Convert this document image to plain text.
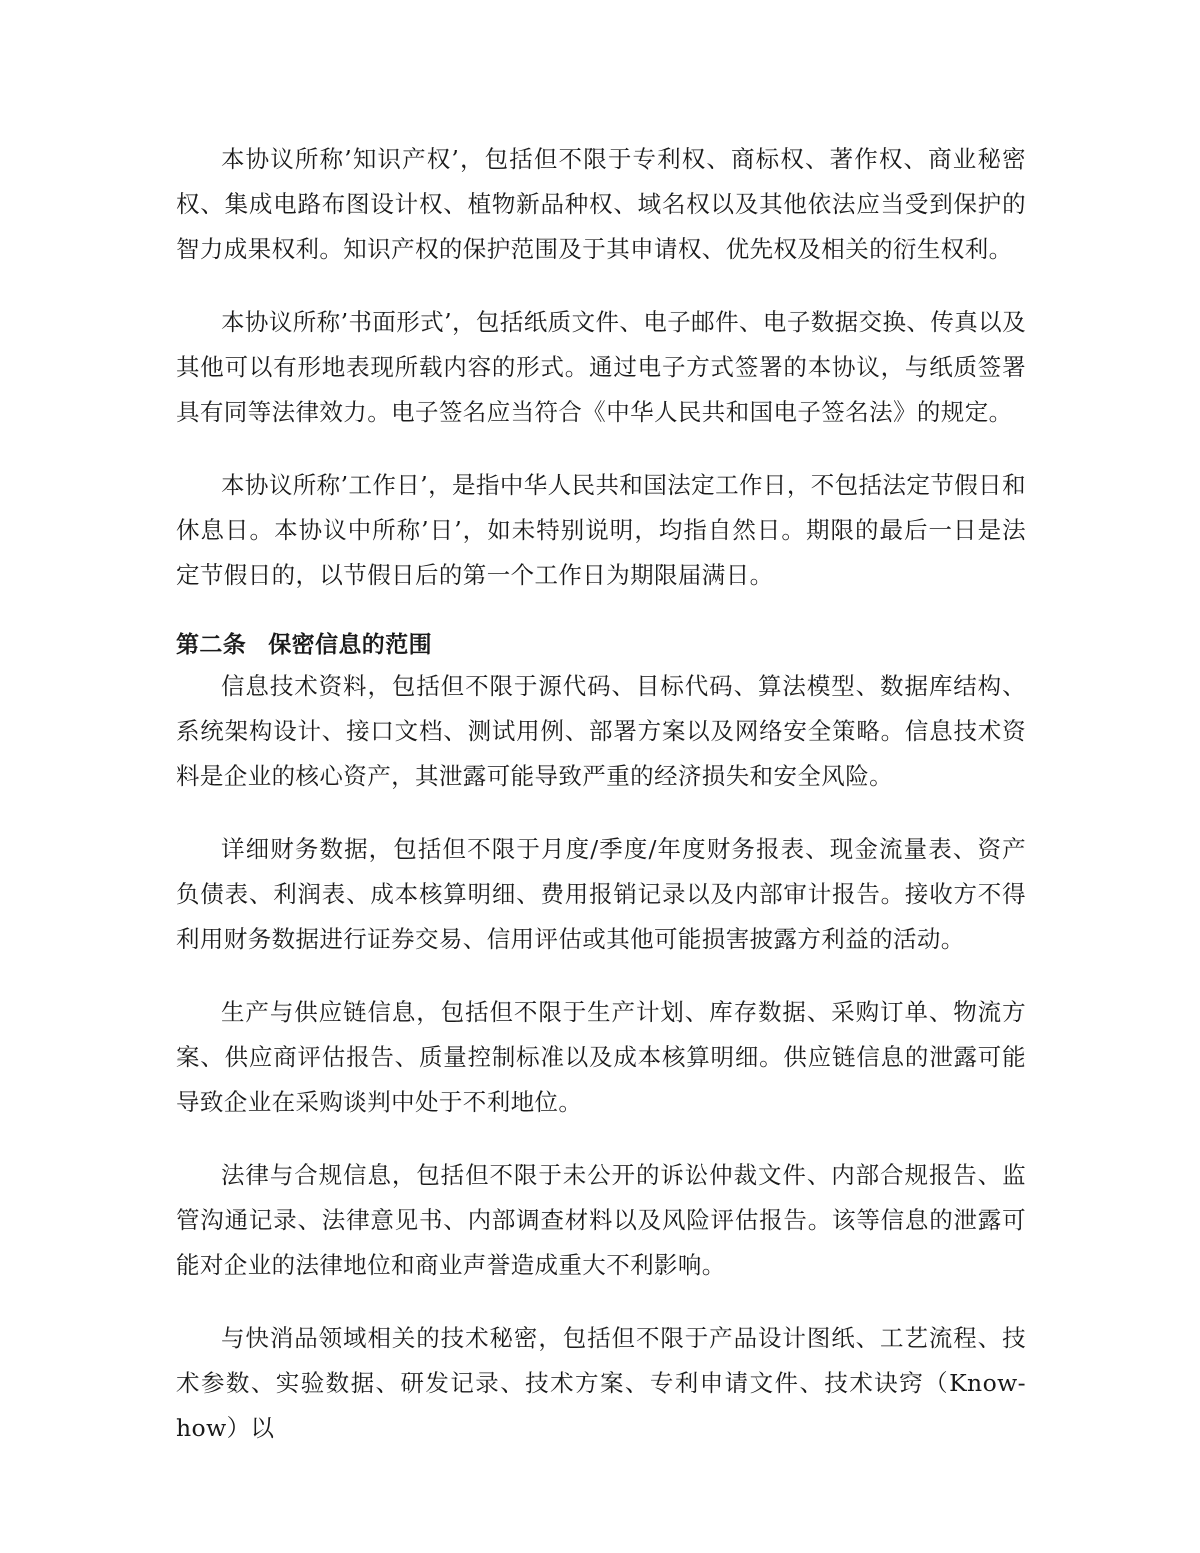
本协议所称’知识产权’，包括但不限于专利权、商标权、著作权、商业秘密权、集成电路布图设计权、植物新品种权、域名权以及其他依法应当受到保护的智力成果权利。知识产权的保护范围及于其申请权、优先权及相关的衍生权利。

本协议所称’书面形式’，包括纸质文件、电子邮件、电子数据交换、传真以及其他可以有形地表现所载内容的形式。通过电子方式签署的本协议，与纸质签署具有同等法律效力。电子签名应当符合《中华人民共和国电子签名法》的规定。

本协议所称’工作日’，是指中华人民共和国法定工作日，不包括法定节假日和休息日。本协议中所称’日’，如未特别说明，均指自然日。期限的最后一日是法定节假日的，以节假日后的第一个工作日为期限届满日。

第二条 保密信息的范围

信息技术资料，包括但不限于源代码、目标代码、算法模型、数据库结构、系统架构设计、接口文档、测试用例、部署方案以及网络安全策略。信息技术资料是企业的核心资产，其泄露可能导致严重的经济损失和安全风险。

详细财务数据，包括但不限于月度/季度/年度财务报表、现金流量表、资产负债表、利润表、成本核算明细、费用报销记录以及内部审计报告。接收方不得利用财务数据进行证券交易、信用评估或其他可能损害披露方利益的活动。

生产与供应链信息，包括但不限于生产计划、库存数据、采购订单、物流方案、供应商评估报告、质量控制标准以及成本核算明细。供应链信息的泄露可能导致企业在采购谈判中处于不利地位。

法律与合规信息，包括但不限于未公开的诉讼仲裁文件、内部合规报告、监管沟通记录、法律意见书、内部调查材料以及风险评估报告。该等信息的泄露可能对企业的法律地位和商业声誉造成重大不利影响。

与快消品领域相关的技术秘密，包括但不限于产品设计图纸、工艺流程、技术参数、实验数据、研发记录、技术方案、专利申请文件、技术诀窍（Know-how）以
